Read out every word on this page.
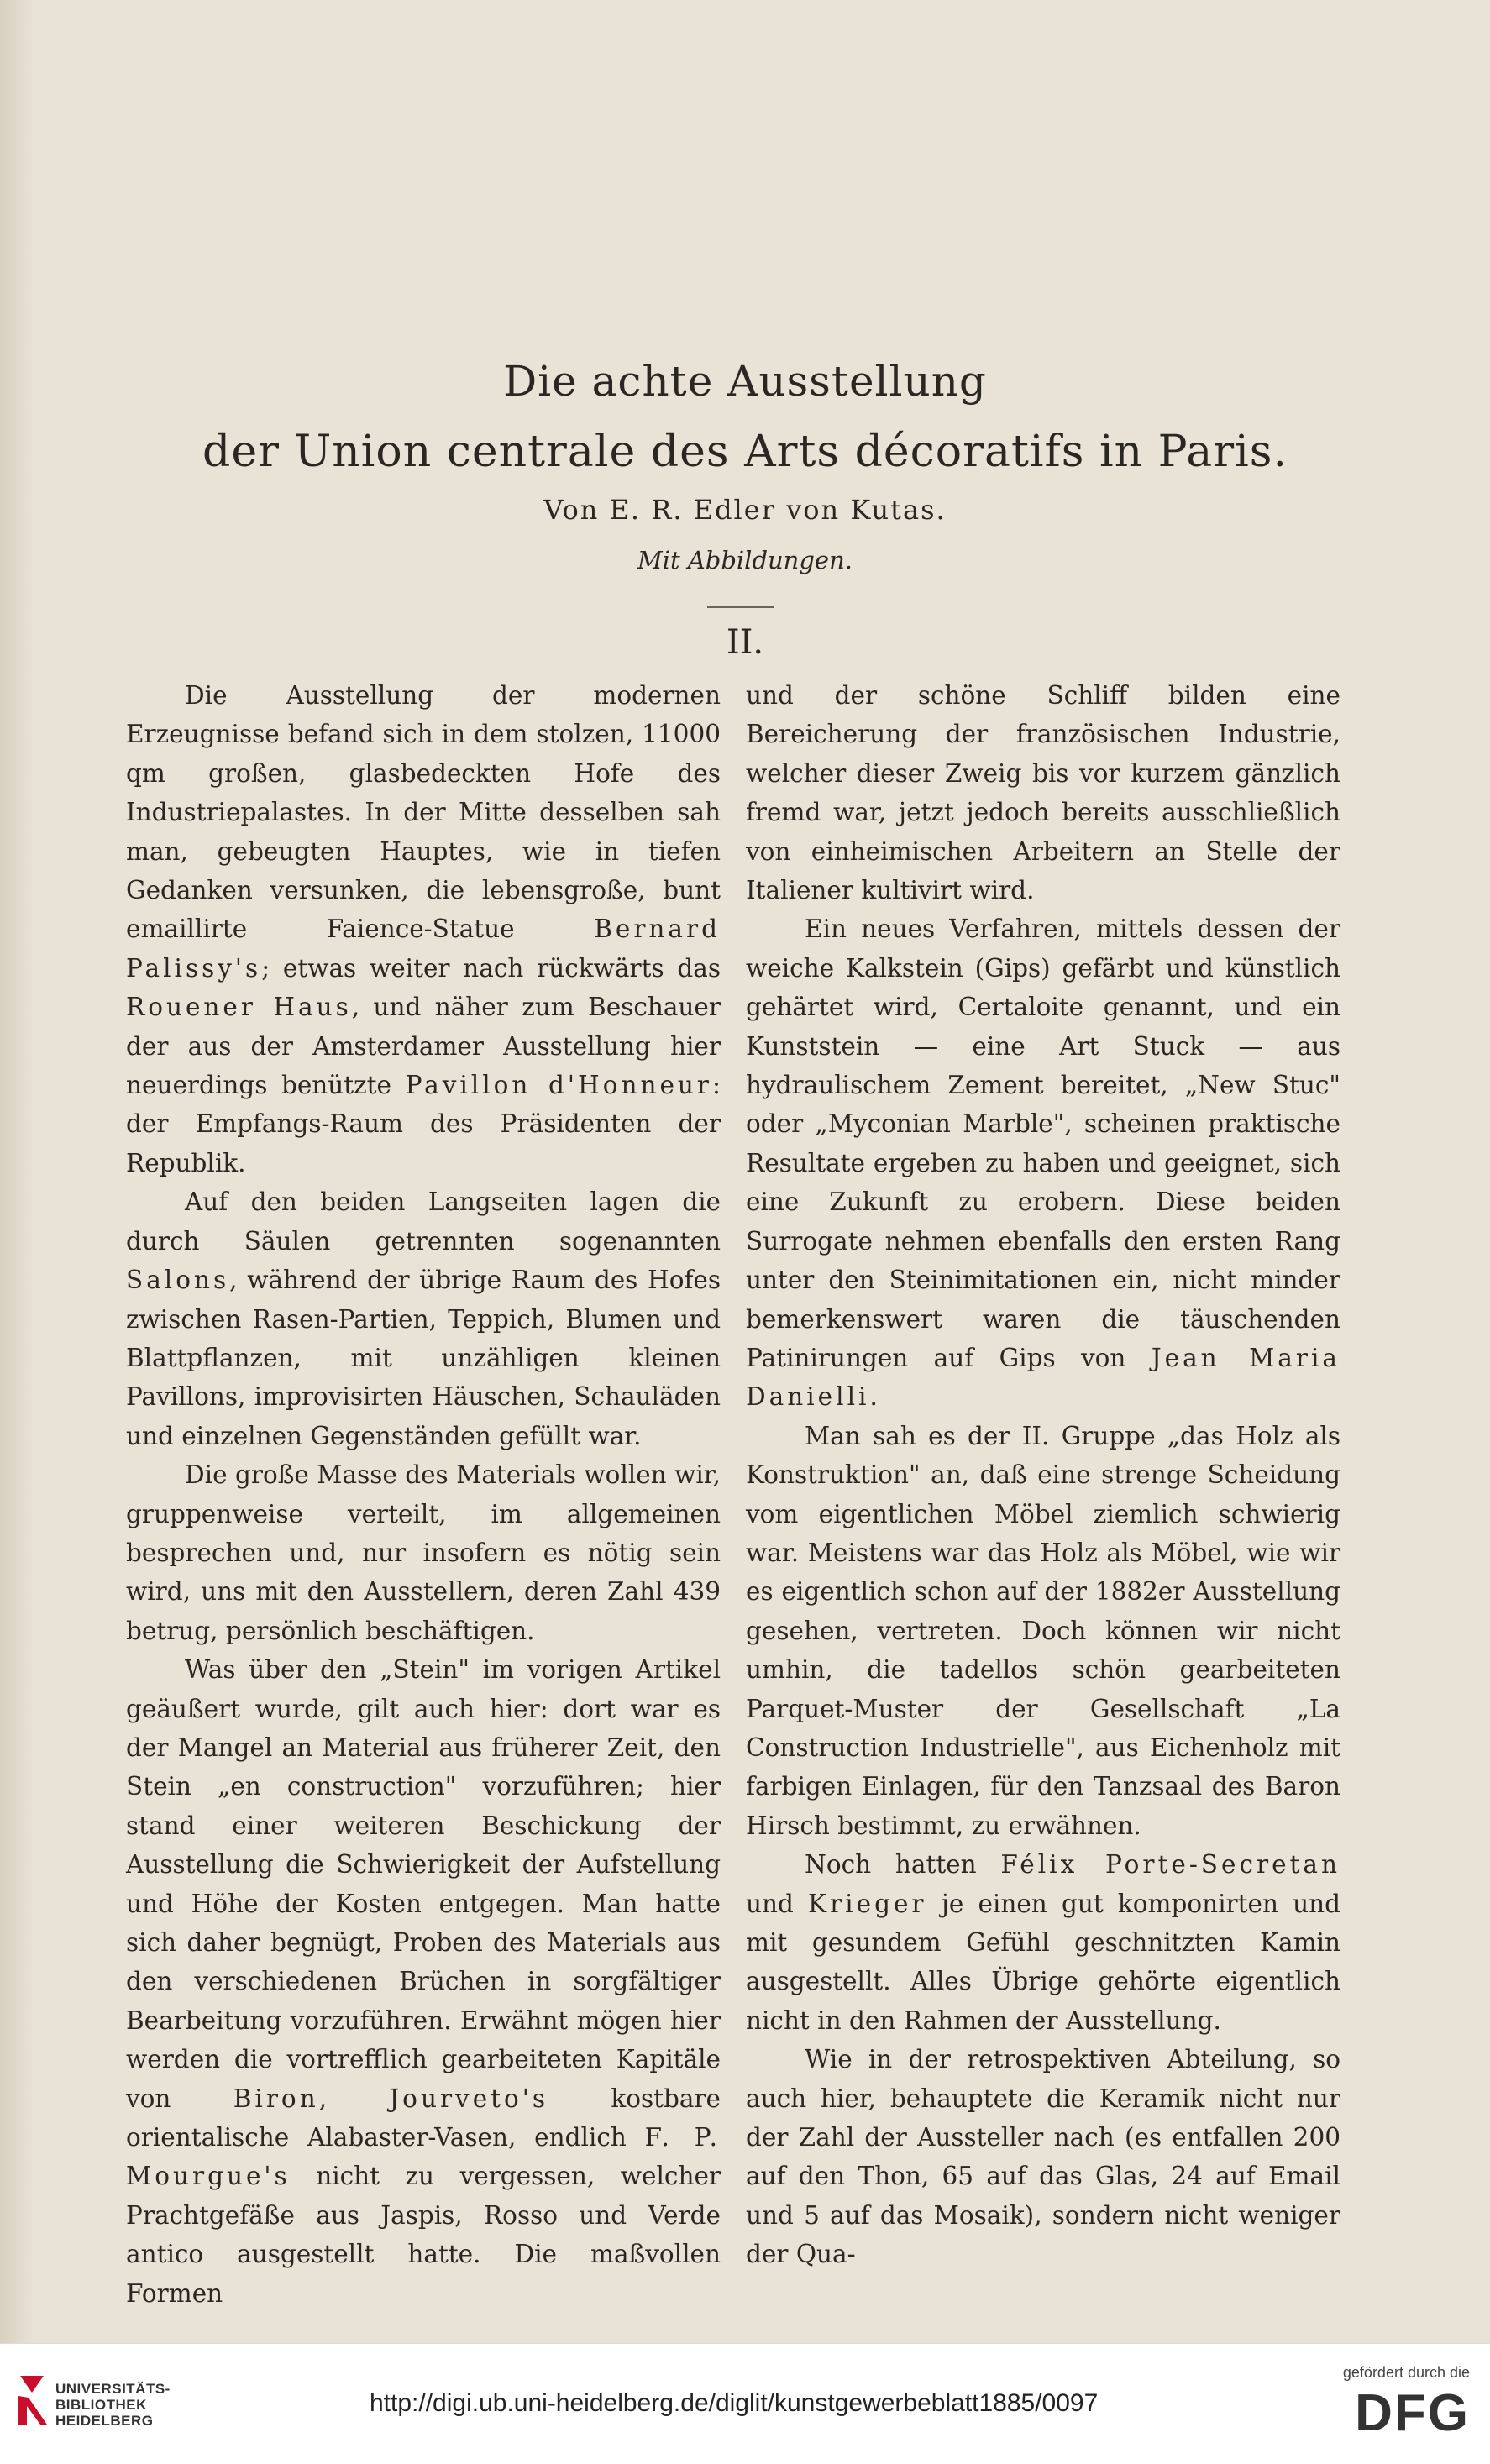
Die achte Ausstellung
der Union centrale des Arts décoratifs in Paris.
Von E. R. Edler von Kutas.
Mit Abbildungen.
II.

Die Ausstellung der modernen Erzeugnisse befand sich in dem stolzen, 11000 qm großen, glasbedeckten Hofe des Industriepalastes. In der Mitte desselben sah man, gebeugten Hauptes, wie in tiefen Gedanken versunken, die lebensgroße, bunt emaillirte Faience-Statue Bernard Palissy's; etwas weiter nach rückwärts das Rouener Haus, und näher zum Beschauer der aus der Amsterdamer Ausstellung hier neuerdings benützte Pavillon d'Honneur: der Empfangs-Raum des Präsidenten der Republik.

Auf den beiden Langseiten lagen die durch Säulen getrennten sogenannten Salons, während der übrige Raum des Hofes zwischen Rasen-Partien, Teppich, Blumen und Blattpflanzen, mit unzähligen kleinen Pavillons, improvisirten Häuschen, Schauläden und einzelnen Gegenständen gefüllt war.

Die große Masse des Materials wollen wir, gruppenweise verteilt, im allgemeinen besprechen und, nur insofern es nötig sein wird, uns mit den Ausstellern, deren Zahl 439 betrug, persönlich beschäftigen.

Was über den „Stein" im vorigen Artikel geäußert wurde, gilt auch hier: dort war es der Mangel an Material aus früherer Zeit, den Stein „en construction" vorzuführen; hier stand einer weiteren Beschickung der Ausstellung die Schwierigkeit der Aufstellung und Höhe der Kosten entgegen. Man hatte sich daher begnügt, Proben des Materials aus den verschiedenen Brüchen in sorgfältiger Bearbeitung vorzuführen. Erwähnt mögen hier werden die vortrefflich gearbeiteten Kapitäle von Biron, Jourveto's kostbare orientalische Alabaster-Vasen, endlich F. P. Mourgue's nicht zu vergessen, welcher Prachtgefäße aus Jaspis, Rosso und Verde antico ausgestellt hatte. Die maßvollen Formen

und der schöne Schliff bilden eine Bereicherung der französischen Industrie, welcher dieser Zweig bis vor kurzem gänzlich fremd war, jetzt jedoch bereits ausschließlich von einheimischen Arbeitern an Stelle der Italiener kultivirt wird.

Ein neues Verfahren, mittels dessen der weiche Kalkstein (Gips) gefärbt und künstlich gehärtet wird, Certaloite genannt, und ein Kunststein — eine Art Stuck — aus hydraulischem Zement bereitet, „New Stuc" oder „Myconian Marble", scheinen praktische Resultate ergeben zu haben und geeignet, sich eine Zukunft zu erobern. Diese beiden Surrogate nehmen ebenfalls den ersten Rang unter den Steinimitationen ein, nicht minder bemerkenswert waren die täuschenden Patinirungen auf Gips von Jean Maria Danielli.

Man sah es der II. Gruppe „das Holz als Konstruktion" an, daß eine strenge Scheidung vom eigentlichen Möbel ziemlich schwierig war. Meistens war das Holz als Möbel, wie wir es eigentlich schon auf der 1882er Ausstellung gesehen, vertreten. Doch können wir nicht umhin, die tadellos schön gearbeiteten Parquet-Muster der Gesellschaft „La Construction Industrielle", aus Eichenholz mit farbigen Einlagen, für den Tanzsaal des Baron Hirsch bestimmt, zu erwähnen.

Noch hatten Félix Porte-Secretan und Krieger je einen gut komponirten und mit gesundem Gefühl geschnitzten Kamin ausgestellt. Alles Übrige gehörte eigentlich nicht in den Rahmen der Ausstellung.

Wie in der retrospektiven Abteilung, so auch hier, behauptete die Keramik nicht nur der Zahl der Aussteller nach (es entfallen 200 auf den Thon, 65 auf das Glas, 24 auf Email und 5 auf das Mosaik), sondern nicht weniger der Qua-

UNIVERSITÄTS-
BIBLIOTHEK
HEIDELBERG
http://digi.ub.uni-heidelberg.de/diglit/kunstgewerbeblatt1885/0097
gefördert durch die
DFG
